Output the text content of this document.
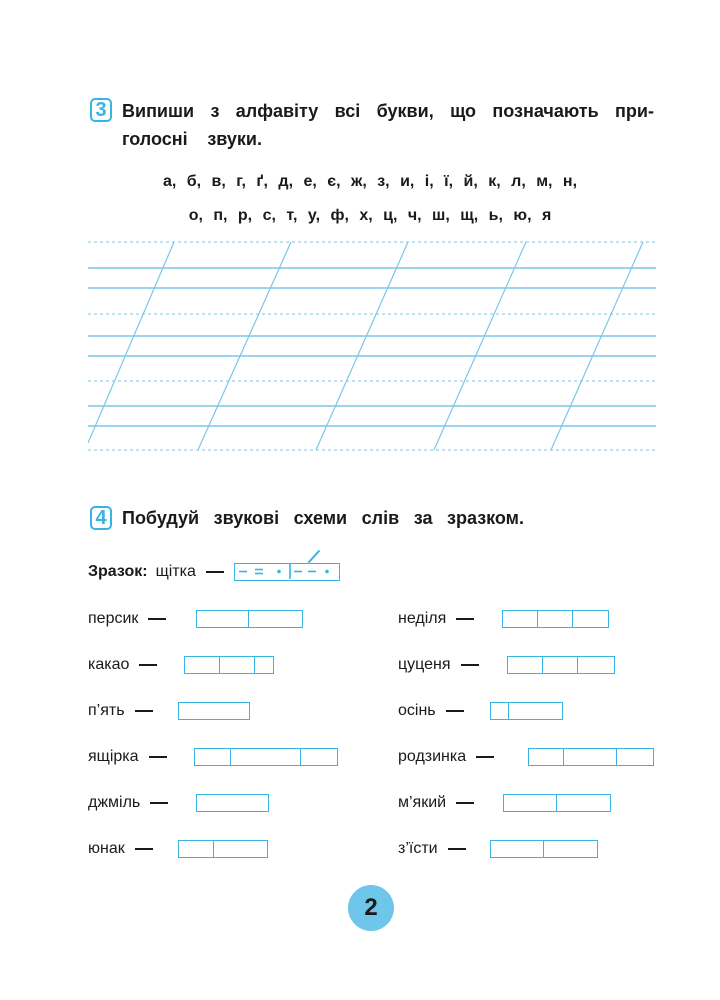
3 Випиши з алфавіту всі букви, що позначають при-
голосні звуки.
а, б, в, г, ґ, д, е, є, ж, з, и, і, ї, й, к, л, м, н,
о, п, р, с, т, у, ф, х, ц, ч, ш, щ, ь, ю, я
4 Побудуй звукові схеми слів за зразком.
Зразок: щітка
персик
какао
п’ять
ящірка
джміль
юнак
неділя
цуценя
осінь
родзинка
м’який
з’їсти
2
